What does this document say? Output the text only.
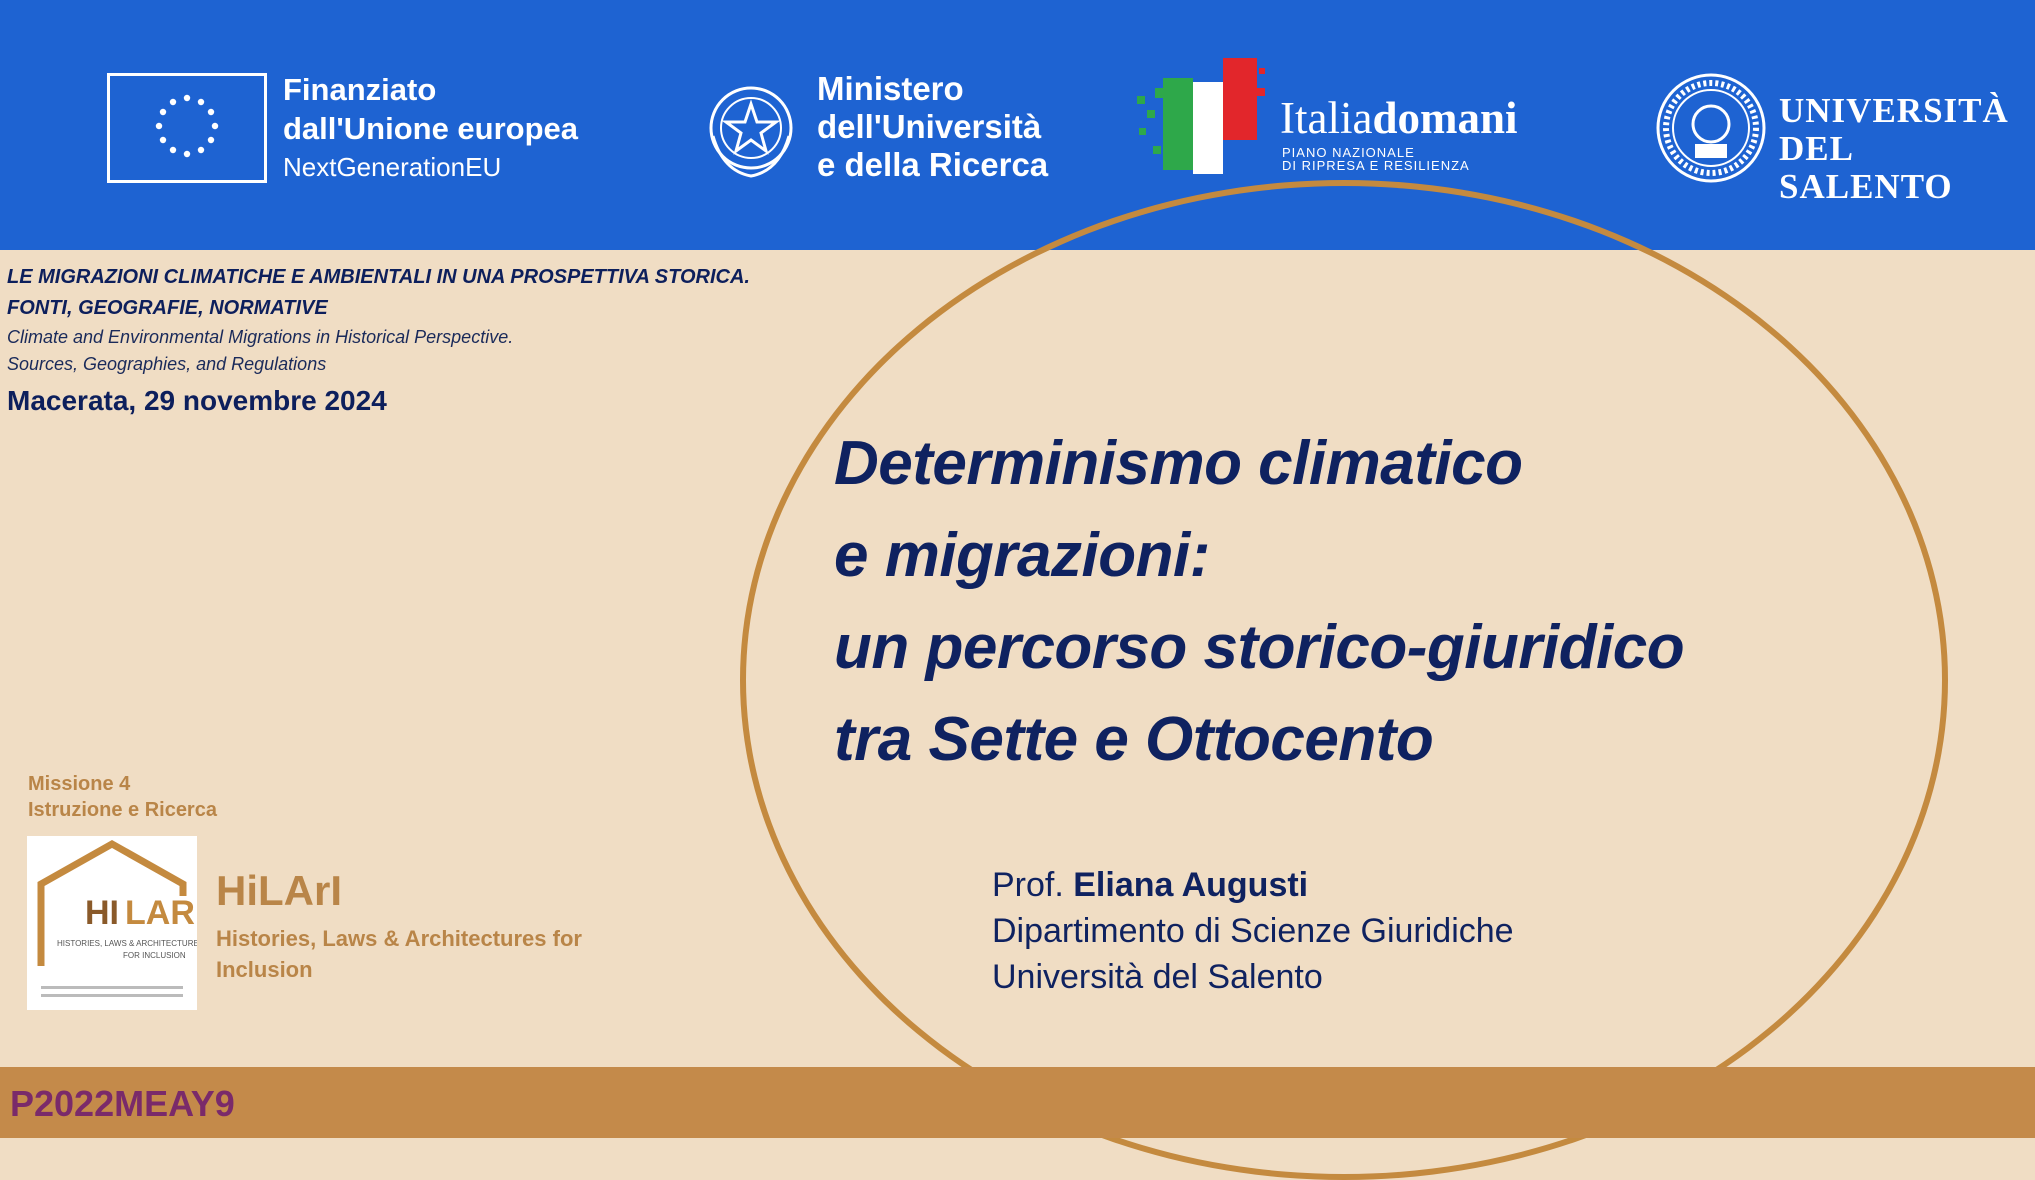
Finanziato
dall'Unione europea
NextGenerationEU
Ministero
dell'Università
e della Ricerca
Italiadomani
PIANO NAZIONALE
DI RIPRESA E RESILIENZA
UNIVERSITÀ
DEL SALENTO
LE MIGRAZIONI CLIMATICHE E AMBIENTALI IN UNA PROSPETTIVA STORICA.
FONTI, GEOGRAFIE, NORMATIVE
Climate and Environmental Migrations in Historical Perspective.
Sources, Geographies, and Regulations
Macerata, 29 novembre 2024
Determinismo climatico
e migrazioni:
un percorso storico-giuridico
tra Sette e Ottocento
Prof. Eliana Augusti
Dipartimento di Scienze Giuridiche
Università del Salento
Missione 4
Istruzione e Ricerca
HI LARI
HISTORIES, LAWS & ARCHITECTURES
FOR INCLUSION
HiLArI
Histories, Laws & Architectures for
Inclusion
P2022MEAY9
